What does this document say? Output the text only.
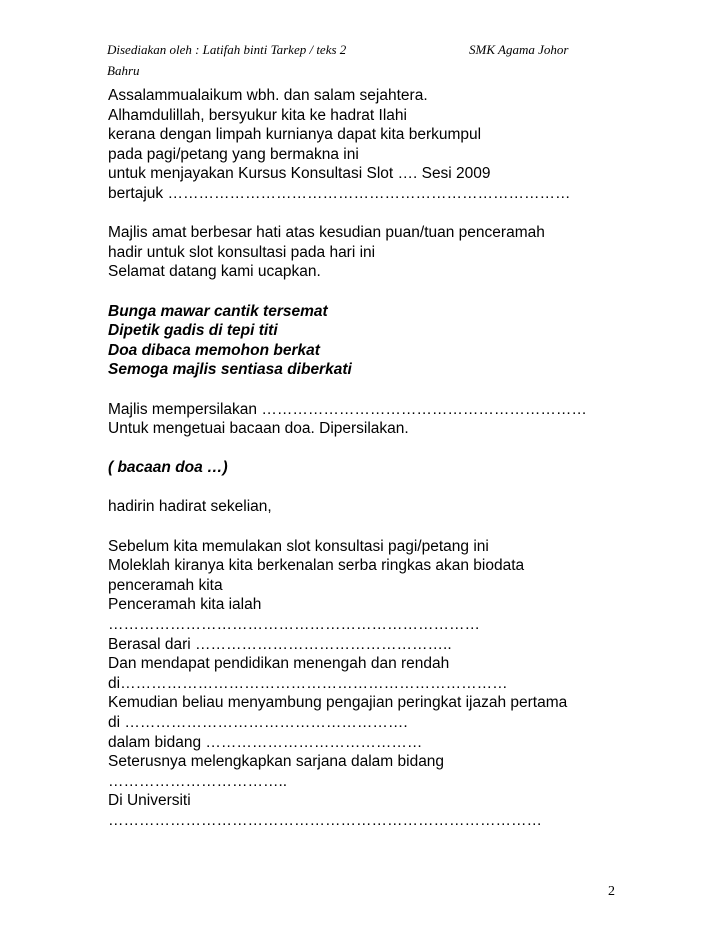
Disediakan oleh : Latifah binti Tarkep / teks 2	SMK Agama Johor
Bahru
Assalammualaikum wbh. dan salam sejahtera.
Alhamdulillah, bersyukur kita ke hadrat Ilahi
kerana dengan limpah kurnianya dapat kita berkumpul
pada pagi/petang yang bermakna ini
untuk menjayakan Kursus Konsultasi Slot …. Sesi 2009
bertajuk ……………………………………………………………………
Majlis amat berbesar hati atas kesudian puan/tuan penceramah
hadir untuk slot konsultasi pada hari ini
Selamat datang kami ucapkan.
Bunga mawar cantik tersemat
Dipetik gadis di tepi titi
Doa dibaca memohon berkat
Semoga majlis sentiasa diberkati
Majlis mempersilakan ………………………………………………………
Untuk mengetuai bacaan doa. Dipersilakan.
( bacaan doa …)
hadirin hadirat sekelian,
Sebelum kita memulakan slot konsultasi pagi/petang ini
Moleklah kiranya kita berkenalan serba ringkas akan biodata
penceramah kita
Penceramah kita ialah
………………………………………………………………
Berasal dari …………………………………………..
Dan mendapat pendidikan menengah dan rendah
di…………………………………………………………………
Kemudian beliau menyambung pengajian peringkat ijazah pertama
di ……………………………………………….
dalam bidang ……………………………………
Seterusnya melengkapkan sarjana dalam bidang
……………………………..
Di Universiti
…………………………………………………………………………
2
